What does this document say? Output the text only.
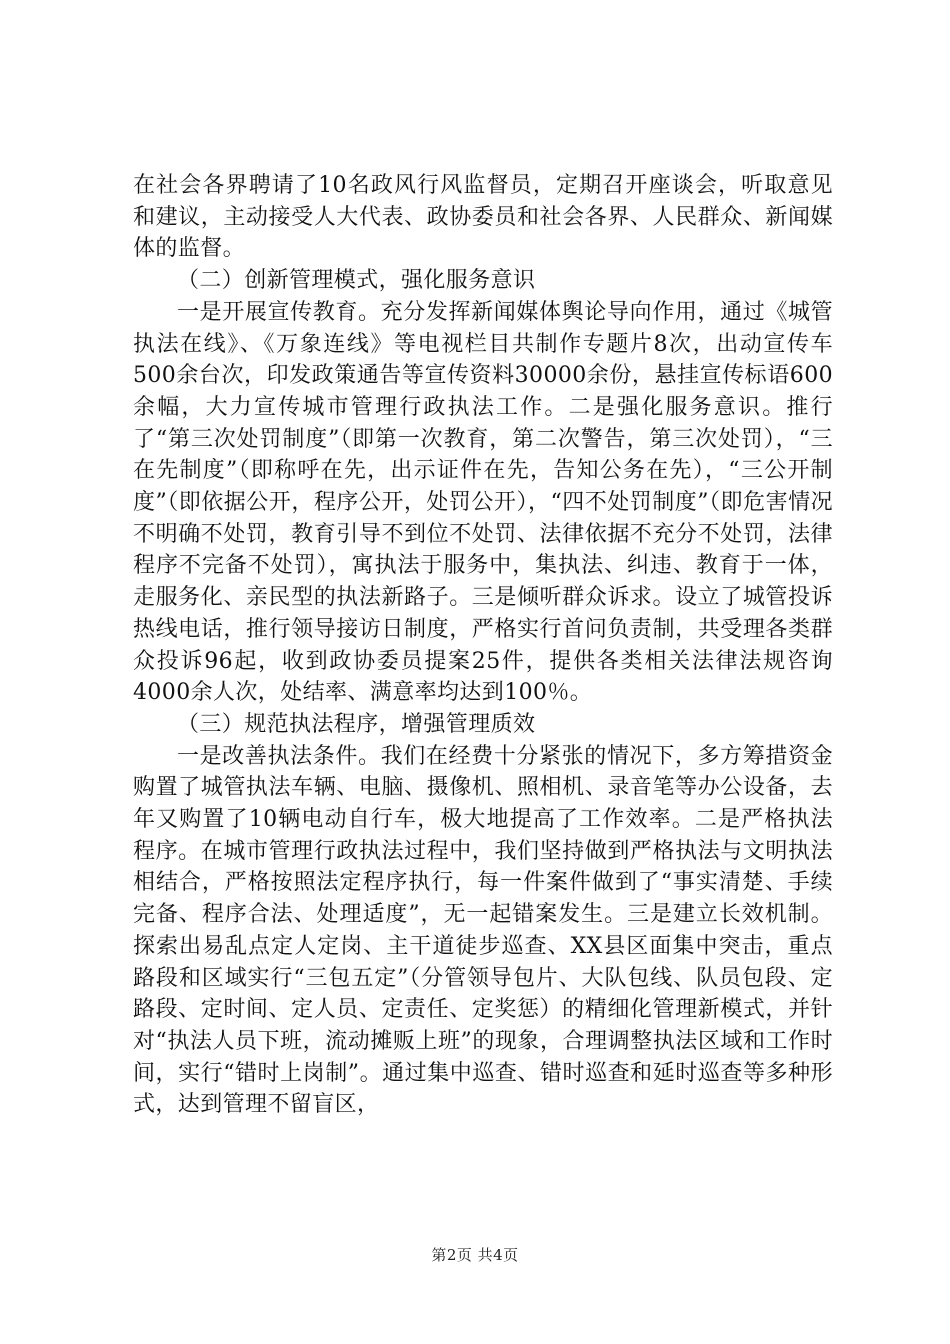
在社会各界聘请了10名政风行风监督员，定期召开座谈会，听取意见和建议，主动接受人大代表、政协委员和社会各界、人民群众、新闻媒体的监督。

（二）创新管理模式，强化服务意识

一是开展宣传教育。充分发挥新闻媒体舆论导向作用，通过《城管执法在线》、《万象连线》等电视栏目共制作专题片8次，出动宣传车500余台次，印发政策通告等宣传资料30000余份，悬挂宣传标语600余幅，大力宣传城市管理行政执法工作。二是强化服务意识。推行了“第三次处罚制度”（即第一次教育，第二次警告，第三次处罚），“三在先制度”（即称呼在先，出示证件在先，告知公务在先），“三公开制度”（即依据公开，程序公开，处罚公开），“四不处罚制度”（即危害情况不明确不处罚，教育引导不到位不处罚、法律依据不充分不处罚，法律程序不完备不处罚），寓执法于服务中，集执法、纠违、教育于一体，走服务化、亲民型的执法新路子。三是倾听群众诉求。设立了城管投诉热线电话，推行领导接访日制度，严格实行首问负责制，共受理各类群众投诉96起，收到政协委员提案25件，提供各类相关法律法规咨询4000余人次，处结率、满意率均达到100％。

（三）规范执法程序，增强管理质效

一是改善执法条件。我们在经费十分紧张的情况下，多方筹措资金购置了城管执法车辆、电脑、摄像机、照相机、录音笔等办公设备，去年又购置了10辆电动自行车，极大地提高了工作效率。二是严格执法程序。在城市管理行政执法过程中，我们坚持做到严格执法与文明执法相结合，严格按照法定程序执行，每一件案件做到了“事实清楚、手续完备、程序合法、处理适度”，无一起错案发生。三是建立长效机制。探索出易乱点定人定岗、主干道徒步巡查、XX县区面集中突击，重点路段和区域实行“三包五定”（分管领导包片、大队包线、队员包段、定路段、定时间、定人员、定责任、定奖惩）的精细化管理新模式，并针对“执法人员下班，流动摊贩上班”的现象，合理调整执法区域和工作时间，实行“错时上岗制”。通过集中巡查、错时巡查和延时巡查等多种形式，达到管理不留盲区，

第2页 共4页
